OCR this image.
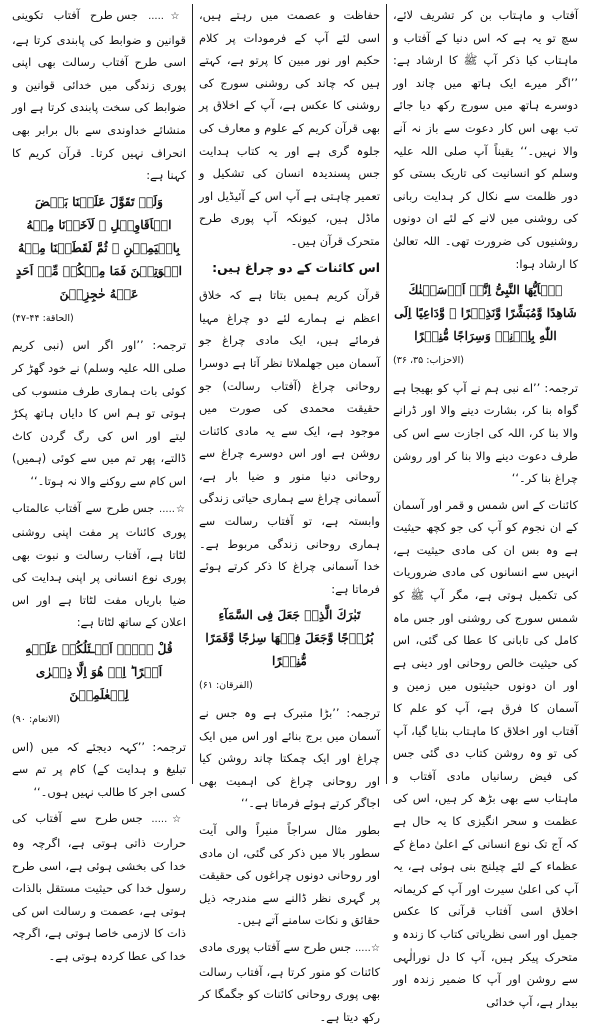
آفتاب و ماہتاب بن کر تشریف لائے، سچ تو یہ ہے کہ اس دنیا کے آفتاب و ماہتاب کیا ذکر آپ ﷺ کا ارشاد ہے: ’’اگر میرے ایک ہاتھ میں چاند اور دوسرے ہاتھ میں سورج رکھ دیا جائے تب بھی اس کار دعوت سے باز نہ آنے والا نہیں۔‘‘ یقیناً آپ صلی اللہ علیہ وسلم کو انسانیت کی تاریک بستی کو دور ظلمت سے نکال کر ہدایت ربانی کی روشنی میں لانے کے لئے ان دونوں روشنیوں کی ضرورت تھی۔ اللہ تعالیٰ کا ارشاد ہوا:

يٰۤاَيُّهَا النَّبِىُّ اِنَّاۤ اَرۡسَلۡنٰكَ شَاهِدًا وَّمُبَشِّرًا وَّنَذِيۡرًا ۙ‏ وَّدَاعِيًا اِلَى اللّٰهِ بِاِذۡنِهٖ وَسِرَاجًا مُّنِيۡرًا‏
(الاحزاب: ۳۵، ۳۶)

ترجمہ: ’’اے نبی ہم نے آپ کو بھیجا ہے گواہ بنا کر، بشارت دینے والا اور ڈرانے والا بنا کر، اللہ کی اجازت سے اس کی طرف دعوت دینے والا بنا کر اور روشن چراغ بنا کر۔‘‘

کائنات کے اس شمس و قمر اور آسمان کے ان نجوم کو آپ کی جو کچھ حیثیت ہے وہ بس ان کی مادی حیثیت ہے، انہیں سے انسانوں کی مادی ضروریات کی تکمیل ہوتی ہے، مگر آپ ﷺ کو شمس سورج کی روشنی اور جس ماہ کامل کی تابانی کا عطا کی گئی، اس کی حیثیت خالص روحانی اور دینی ہے اور ان دونوں حیثیتوں میں زمین و آسمان کا فرق ہے، آپ کو علم کا آفتاب اور اخلاق کا ماہتاب بنایا گیا، آپ کی تو وہ روشن کتاب دی گئی جس کی فیض رسانیاں مادی آفتاب و ماہتاب سے بھی بڑھ کر ہیں، اس کی عظمت و سحر انگیزی کا یہ حال ہے کہ آج تک نوع انسانی کے اعلیٰ دماغ کے عظماء کے لئے چیلنج بنی ہوئی ہے، یہ آپ کی اعلیٰ سیرت اور آپ کے کریمانہ اخلاق اسی آفتاب قرآنی کا عکس جمیل اور اسی نظریاتی کتاب کا زندہ و متحرک پیکر ہیں، آپ کا دل نورالٰہی سے روشن اور آپ کا ضمیر زندہ اور بیدار ہے، آپ خدائی

حفاظت و عصمت میں رہتے ہیں، اسی لئے آپ کے فرمودات پر کلام حکیم اور نور مبین کا پرتو ہے، کہتے ہیں کہ چاند کی روشنی سورج کی روشنی کا عکس ہے، آپ کے اخلاق پر بھی قرآن کریم کے علوم و معارف کی جلوہ گری ہے اور یہ کتاب ہدایت جس پسندیدہ انسان کی تشکیل و تعمیر چاہتی ہے آپ اس کے آئیڈیل اور ماڈل ہیں، کیونکہ آپ پوری طرح متحرک قرآن ہیں۔

اس کائنات کے دو چراغ ہیں:

قرآن کریم ہمیں بتاتا ہے کہ خلاق اعظم نے ہمارے لئے دو چراغ مہیا فرمائے ہیں، ایک مادی چراغ جو آسمان میں جھلملاتا نظر آتا ہے دوسرا روحانی چراغ (آفتاب رسالت) جو حقیقت محمدی کی صورت میں موجود ہے، ایک سے یہ مادی کائنات روشن ہے اور اس دوسرے چراغ سے روحانی دنیا منور و ضیا بار ہے، آسمانی چراغ سے ہماری حیاتی زندگی وابستہ ہے، تو آفتاب رسالت سے ہماری روحانی زندگی مربوط ہے۔ خدا آسمانی چراغ کا ذکر کرتے ہوئے فرماتا ہے:

تَبٰرَكَ الَّذِىۡ جَعَلَ فِى السَّمَآءِ بُرُوۡجًا وَّجَعَلَ فِيۡهَا سِرٰجًا وَّقَمَرًا مُّنِيۡرًا
(الفرقان: ۶۱)

ترجمہ: ’’بڑا متبرک ہے وہ جس نے آسمان میں برج بنائے اور اس میں ایک چراغ اور ایک چمکتا چاند روشن کیا اور روحانی چراغ کی اہمیت بھی اجاگر کرتے ہوئے فرماتا ہے۔‘‘

بطور مثال سراجاً منیراً والی آیت سطور بالا میں ذکر کی گئی، ان مادی اور روحانی دونوں چراغوں کی حقیقت پر گہری نظر ڈالنے سے مندرجہ ذیل حقائق و نکات سامنے آتے ہیں۔

☆..... جس طرح سے آفتاب پوری مادی کائنات کو منور کرتا ہے، آفتاب رسالت بھی پوری روحانی کائنات کو جگمگا کر رکھ دیتا ہے۔

☆..... جس طرح آفتاب تکوینی قوانین و ضوابط کی پابندی کرتا ہے، اسی طرح آفتاب رسالت بھی اپنی پوری زندگی میں خدائی قوانین و ضوابط کی سخت پابندی کرتا ہے اور منشائے خداوندی سے بال برابر بھی انحراف نہیں کرتا۔ قرآن کریم کا کہنا ہے:

وَلَوۡ تَقَوَّلَ عَلَيۡنَا بَعۡضَ الۡاَقَاوِيۡلِ ۙ‏ لَاَخَذۡنَا مِنۡهُ بِالۡيَمِيۡنِ ۙ‏ ثُمَّ لَقَطَعۡنَا مِنۡهُ الۡوَتِيۡنَ فَمَا مِنۡكُمۡ مِّنۡ اَحَدٍ عَنۡهُ حٰجِزِيۡنَ
(الحاقة: ۴۴-۴۷)

ترجمہ: ’’اور اگر اس (نبی کریم صلی اللہ علیہ وسلم) نے خود گھڑ کر کوئی بات ہماری طرف منسوب کی ہوتی تو ہم اس کا دایاں ہاتھ پکڑ لیتے اور اس کی رگ گردن کاٹ ڈالتے، پھر تم میں سے کوئی (ہمیں) اس کام سے روکنے والا نہ ہوتا۔‘‘

☆..... جس طرح سے آفتاب عالمتاب پوری کائنات پر مفت اپنی روشنی لٹاتا ہے، آفتاب رسالت و نبوت بھی پوری نوع انسانی پر اپنی ہدایت کی ضیا باریاں مفت لٹاتا ہے اور اس اعلان کے ساتھ لٹاتا ہے:

قُلْ لَّاۤ اَسۡـئَلُكُمۡ عَلَيۡهِ اَجۡرًا ؕ اِنۡ هُوَ اِلَّا ذِكۡرٰى لِلۡعٰلَمِيۡنَ
(الانعام: ۹۰)

ترجمہ: ’’کہہ دیجئے کہ میں (اس تبلیغ و ہدایت کے) کام پر تم سے کسی اجر کا طالب نہیں ہوں۔‘‘

☆..... جس طرح سے آفتاب کی حرارت ذاتی ہوتی ہے، اگرچہ وہ خدا کی بخشی ہوئی ہے، اسی طرح رسول خدا کی حیثیت مستقل بالذات ہوتی ہے، عصمت و رسالت اس کی ذات کا لازمی خاصا ہوتی ہے، اگرچہ خدا کی عطا کردہ ہوتی ہے۔
